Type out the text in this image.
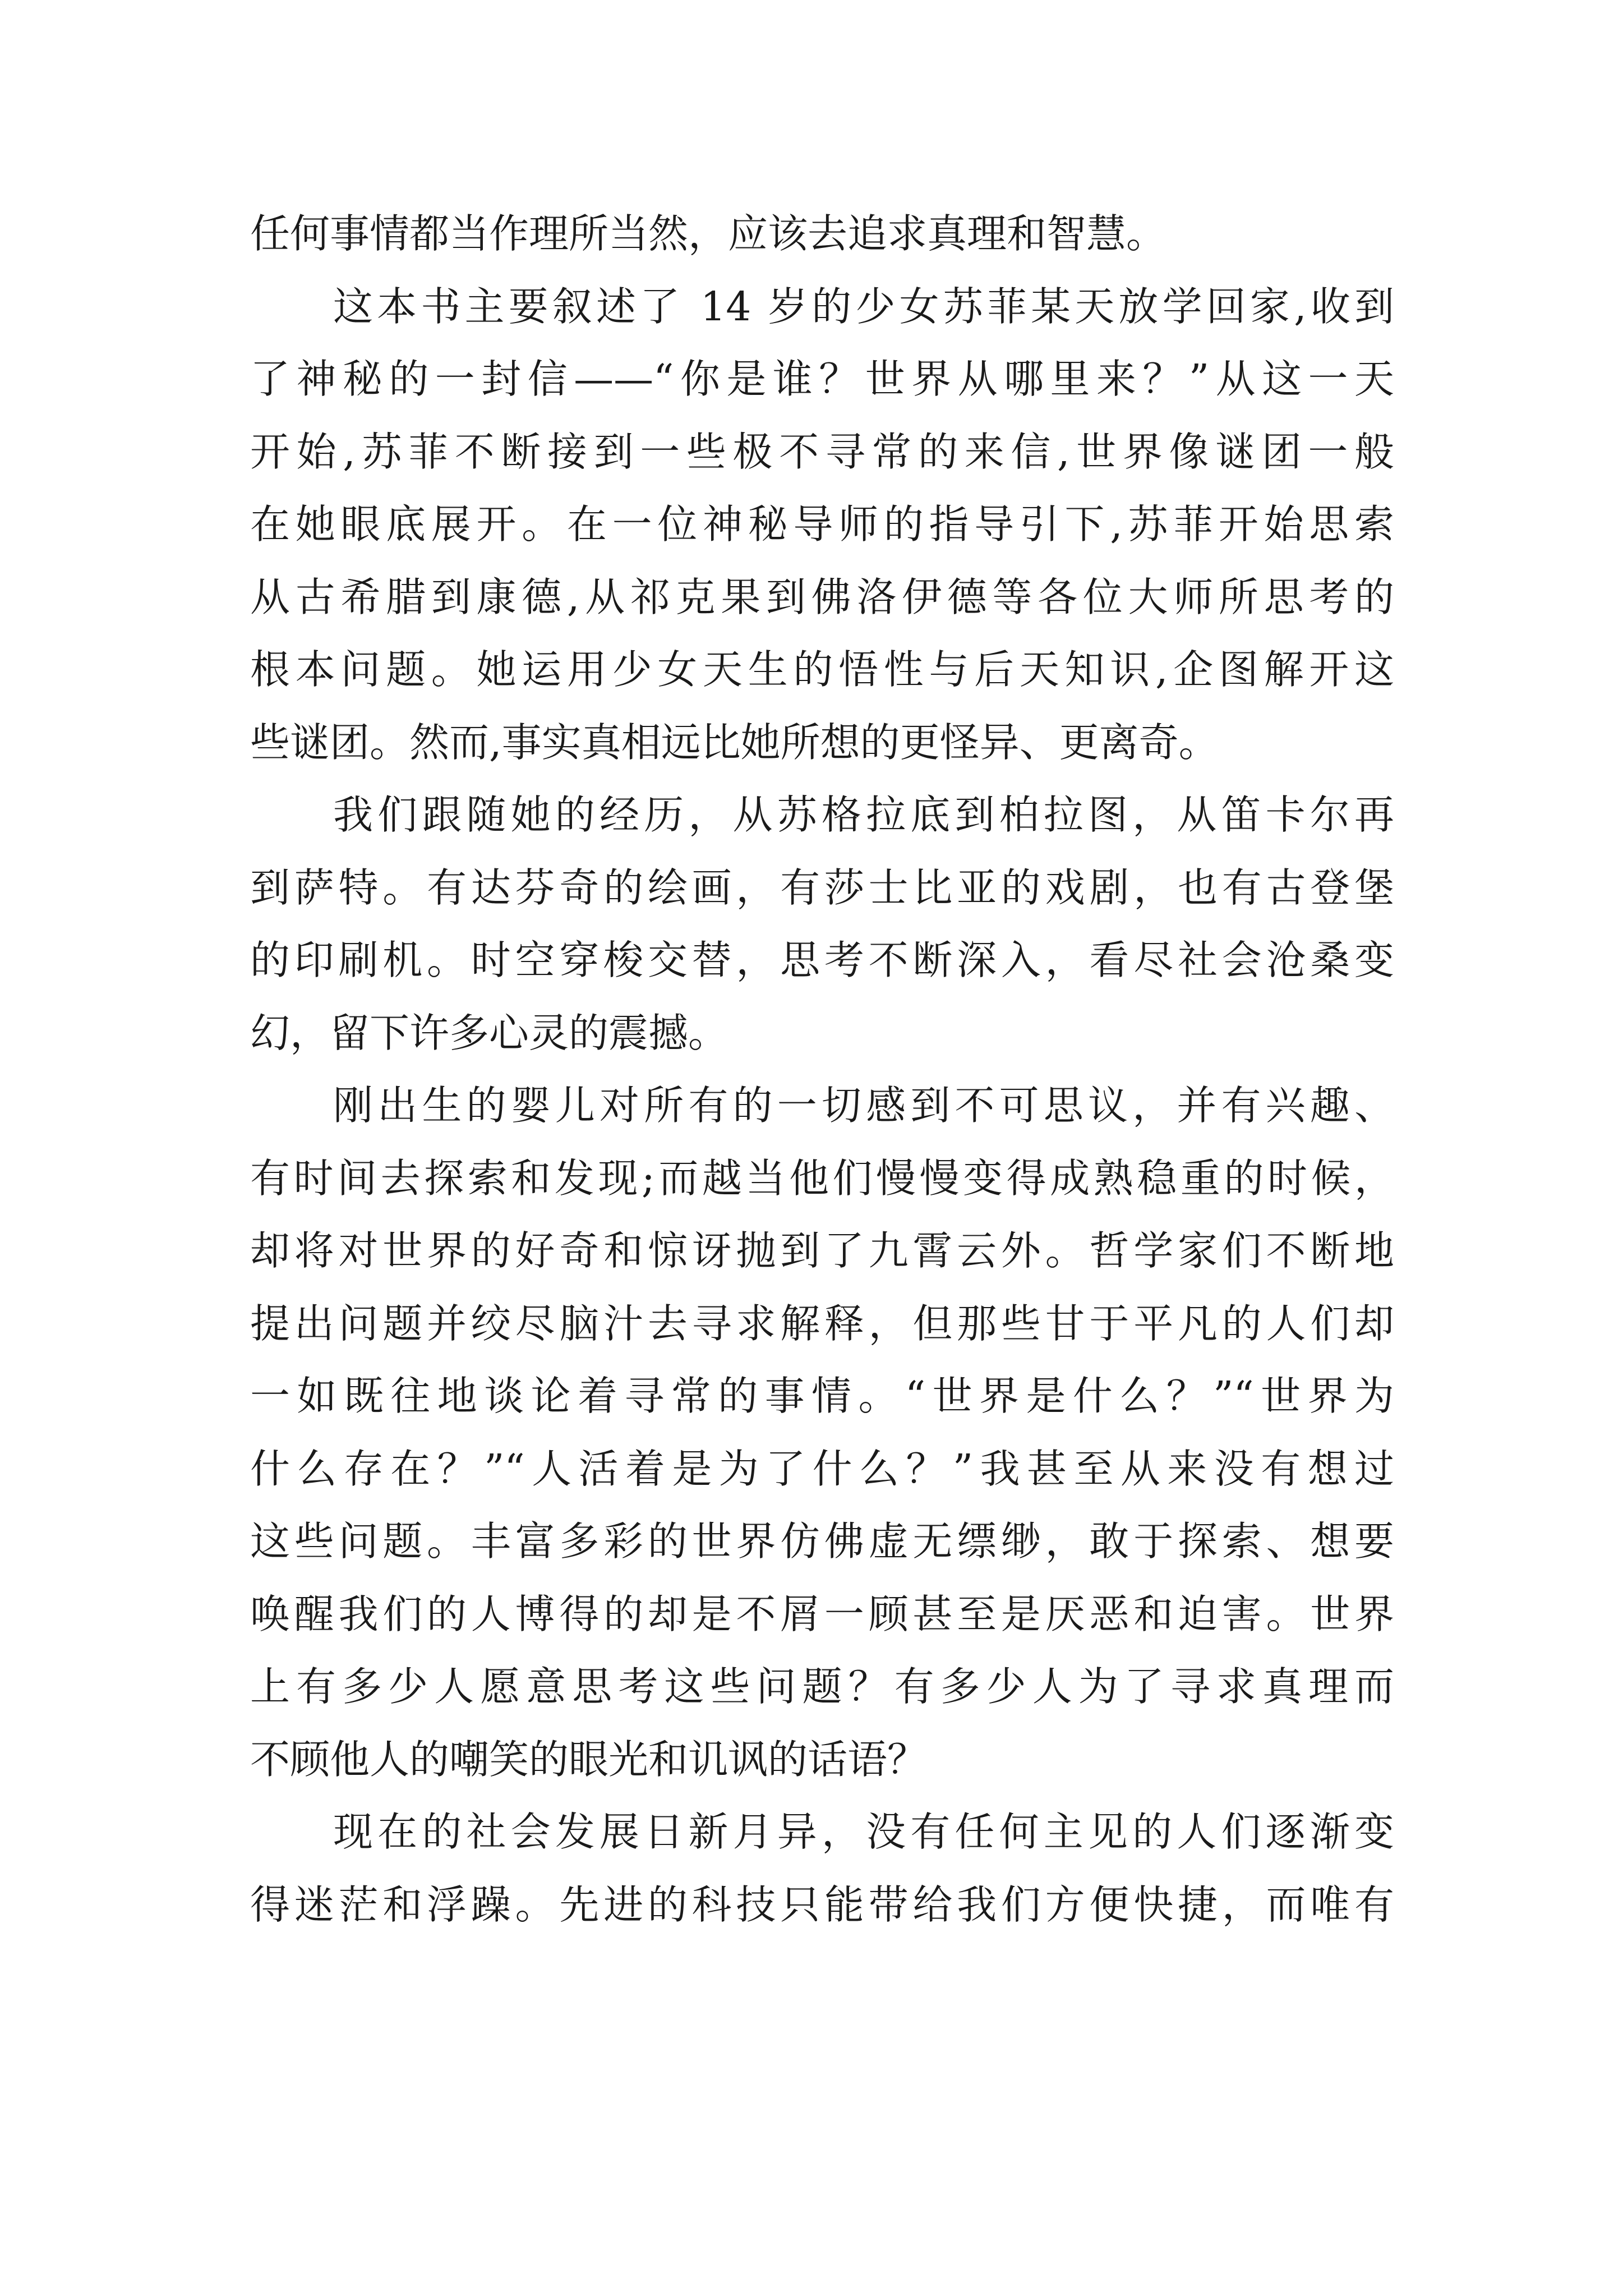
任何事情都当作理所当然，应该去追求真理和智慧。
这本书主要叙述了 14 岁的少女苏菲某天放学回家,收到
了神秘的一封信——“你是谁？世界从哪里来？”从这一天
开始,苏菲不断接到一些极不寻常的来信,世界像谜团一般
在她眼底展开。在一位神秘导师的指导引下,苏菲开始思索
从古希腊到康德,从祁克果到佛洛伊德等各位大师所思考的
根本问题。她运用少女天生的悟性与后天知识,企图解开这
些谜团。然而,事实真相远比她所想的更怪异、更离奇。
我们跟随她的经历，从苏格拉底到柏拉图，从笛卡尔再
到萨特。有达芬奇的绘画，有莎士比亚的戏剧，也有古登堡
的印刷机。时空穿梭交替，思考不断深入，看尽社会沧桑变
幻，留下许多心灵的震撼。
刚出生的婴儿对所有的一切感到不可思议，并有兴趣、
有时间去探索和发现;而越当他们慢慢变得成熟稳重的时候，
却将对世界的好奇和惊讶抛到了九霄云外。哲学家们不断地
提出问题并绞尽脑汁去寻求解释，但那些甘于平凡的人们却
一如既往地谈论着寻常的事情。“世界是什么？”“世界为
什么存在？”“人活着是为了什么？”我甚至从来没有想过
这些问题。丰富多彩的世界仿佛虚无缥缈，敢于探索、想要
唤醒我们的人博得的却是不屑一顾甚至是厌恶和迫害。世界
上有多少人愿意思考这些问题？有多少人为了寻求真理而
不顾他人的嘲笑的眼光和讥讽的话语？
现在的社会发展日新月异，没有任何主见的人们逐渐变
得迷茫和浮躁。先进的科技只能带给我们方便快捷，而唯有
